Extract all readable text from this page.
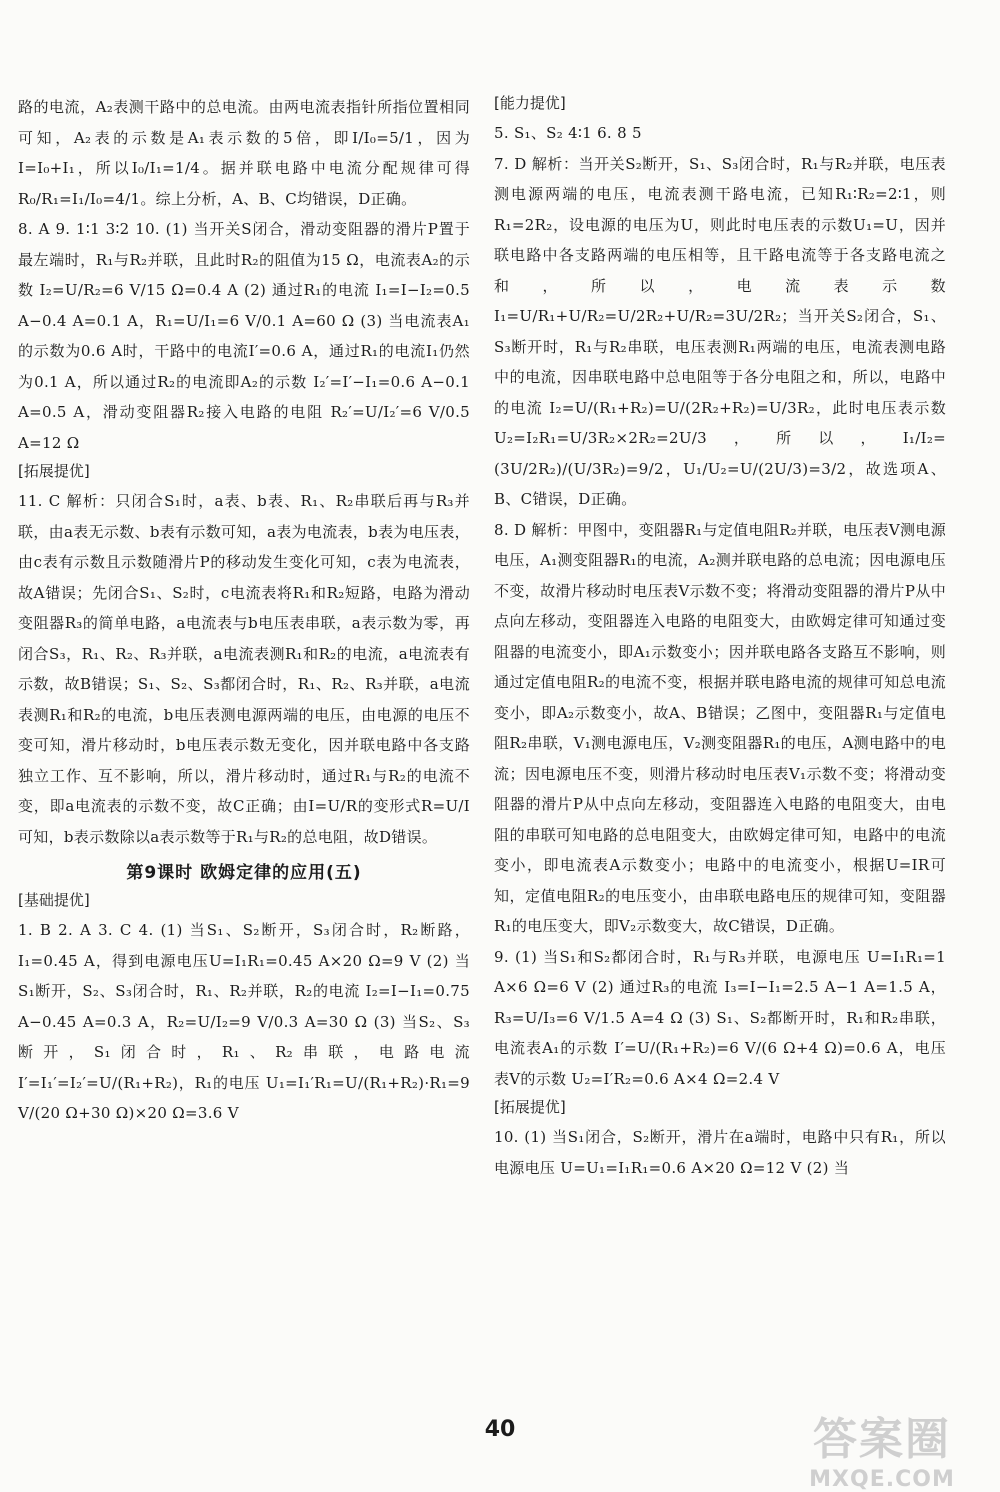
路的电流，A₂表测干路中的总电流。由两电流表指针所指位置相同可知，A₂表的示数是A₁表示数的5倍，即I/I₀=5/1，因为I=I₀+I₁，所以I₀/I₁=1/4。据并联电路中电流分配规律可得R₀/R₁=I₁/I₀=4/1。综上分析，A、B、C均错误，D正确。

8. A 9. 1∶1 3∶2 10. (1) 当开关S闭合，滑动变阻器的滑片P置于最左端时，R₁与R₂并联，且此时R₂的阻值为15 Ω，电流表A₂的示数 I₂=U/R₂=6 V/15 Ω=0.4 A (2) 通过R₁的电流 I₁=I−I₂=0.5 A−0.4 A=0.1 A，R₁=U/I₁=6 V/0.1 A=60 Ω (3) 当电流表A₁的示数为0.6 A时，干路中的电流I′=0.6 A，通过R₁的电流I₁仍然为0.1 A，所以通过R₂的电流即A₂的示数 I₂′=I′−I₁=0.6 A−0.1 A=0.5 A，滑动变阻器R₂接入电路的电阻 R₂′=U/I₂′=6 V/0.5 A=12 Ω

[拓展提优]

11. C 解析：只闭合S₁时，a表、b表、R₁、R₂串联后再与R₃并联，由a表无示数、b表有示数可知，a表为电流表，b表为电压表，由c表有示数且示数随滑片P的移动发生变化可知，c表为电流表，故A错误；先闭合S₁、S₂时，c电流表将R₁和R₂短路，电路为滑动变阻器R₃的简单电路，a电流表与b电压表串联，a表示数为零，再闭合S₃，R₁、R₂、R₃并联，a电流表测R₁和R₂的电流，a电流表有示数，故B错误；S₁、S₂、S₃都闭合时，R₁、R₂、R₃并联，a电流表测R₁和R₂的电流，b电压表测电源两端的电压，由电源的电压不变可知，滑片移动时，b电压表示数无变化，因并联电路中各支路独立工作、互不影响，所以，滑片移动时，通过R₁与R₂的电流不变，即a电流表的示数不变，故C正确；由I=U/R的变形式R=U/I可知，b表示数除以a表示数等于R₁与R₂的总电阻，故D错误。

第9课时 欧姆定律的应用(五)
[基础提优]

1. B 2. A 3. C 4. (1) 当S₁、S₂断开，S₃闭合时，R₂断路，I₁=0.45 A，得到电源电压U=I₁R₁=0.45 A×20 Ω=9 V (2) 当S₁断开，S₂、S₃闭合时，R₁、R₂并联，R₂的电流 I₂=I−I₁=0.75 A−0.45 A=0.3 A，R₂=U/I₂=9 V/0.3 A=30 Ω (3) 当S₂、S₃断开，S₁闭合时，R₁、R₂串联，电路电流 I′=I₁′=I₂′=U/(R₁+R₂)，R₁的电压 U₁=I₁′R₁=U/(R₁+R₂)·R₁=9 V/(20 Ω+30 Ω)×20 Ω=3.6 V

[能力提优]

5. S₁、S₂ 4∶1 6. 8 5

7. D 解析：当开关S₂断开，S₁、S₃闭合时，R₁与R₂并联，电压表测电源两端的电压，电流表测干路电流，已知R₁∶R₂=2∶1，则R₁=2R₂，设电源的电压为U，则此时电压表的示数U₁=U，因并联电路中各支路两端的电压相等，且干路电流等于各支路电流之和，所以，电流表示数 I₁=U/R₁+U/R₂=U/2R₂+U/R₂=3U/2R₂；当开关S₂闭合，S₁、S₃断开时，R₁与R₂串联，电压表测R₁两端的电压，电流表测电路中的电流，因串联电路中总电阻等于各分电阻之和，所以，电路中的电流 I₂=U/(R₁+R₂)=U/(2R₂+R₂)=U/3R₂，此时电压表示数 U₂=I₂R₁=U/3R₂×2R₂=2U/3，所以，I₁/I₂=(3U/2R₂)/(U/3R₂)=9/2，U₁/U₂=U/(2U/3)=3/2，故选项A、B、C错误，D正确。

8. D 解析：甲图中，变阻器R₁与定值电阻R₂并联，电压表V测电源电压，A₁测变阻器R₁的电流，A₂测并联电路的总电流；因电源电压不变，故滑片移动时电压表V示数不变；将滑动变阻器的滑片P从中点向左移动，变阻器连入电路的电阻变大，由欧姆定律可知通过变阻器的电流变小，即A₁示数变小；因并联电路各支路互不影响，则通过定值电阻R₂的电流不变，根据并联电路电流的规律可知总电流变小，即A₂示数变小，故A、B错误；乙图中，变阻器R₁与定值电阻R₂串联，V₁测电源电压，V₂测变阻器R₁的电压，A测电路中的电流；因电源电压不变，则滑片移动时电压表V₁示数不变；将滑动变阻器的滑片P从中点向左移动，变阻器连入电路的电阻变大，由电阻的串联可知电路的总电阻变大，由欧姆定律可知，电路中的电流变小，即电流表A示数变小；电路中的电流变小，根据U=IR可知，定值电阻R₂的电压变小，由串联电路电压的规律可知，变阻器R₁的电压变大，即V₂示数变大，故C错误，D正确。

9. (1) 当S₁和S₂都闭合时，R₁与R₃并联，电源电压 U=I₁R₁=1 A×6 Ω=6 V (2) 通过R₃的电流 I₃=I−I₁=2.5 A−1 A=1.5 A，R₃=U/I₃=6 V/1.5 A=4 Ω (3) S₁、S₂都断开时，R₁和R₂串联，电流表A₁的示数 I′=U/(R₁+R₂)=6 V/(6 Ω+4 Ω)=0.6 A，电压表V的示数 U₂=I′R₂=0.6 A×4 Ω=2.4 V

[拓展提优]

10. (1) 当S₁闭合，S₂断开，滑片在a端时，电路中只有R₁，所以电源电压 U=U₁=I₁R₁=0.6 A×20 Ω=12 V (2) 当

40	答案圈
MXQE.COM
